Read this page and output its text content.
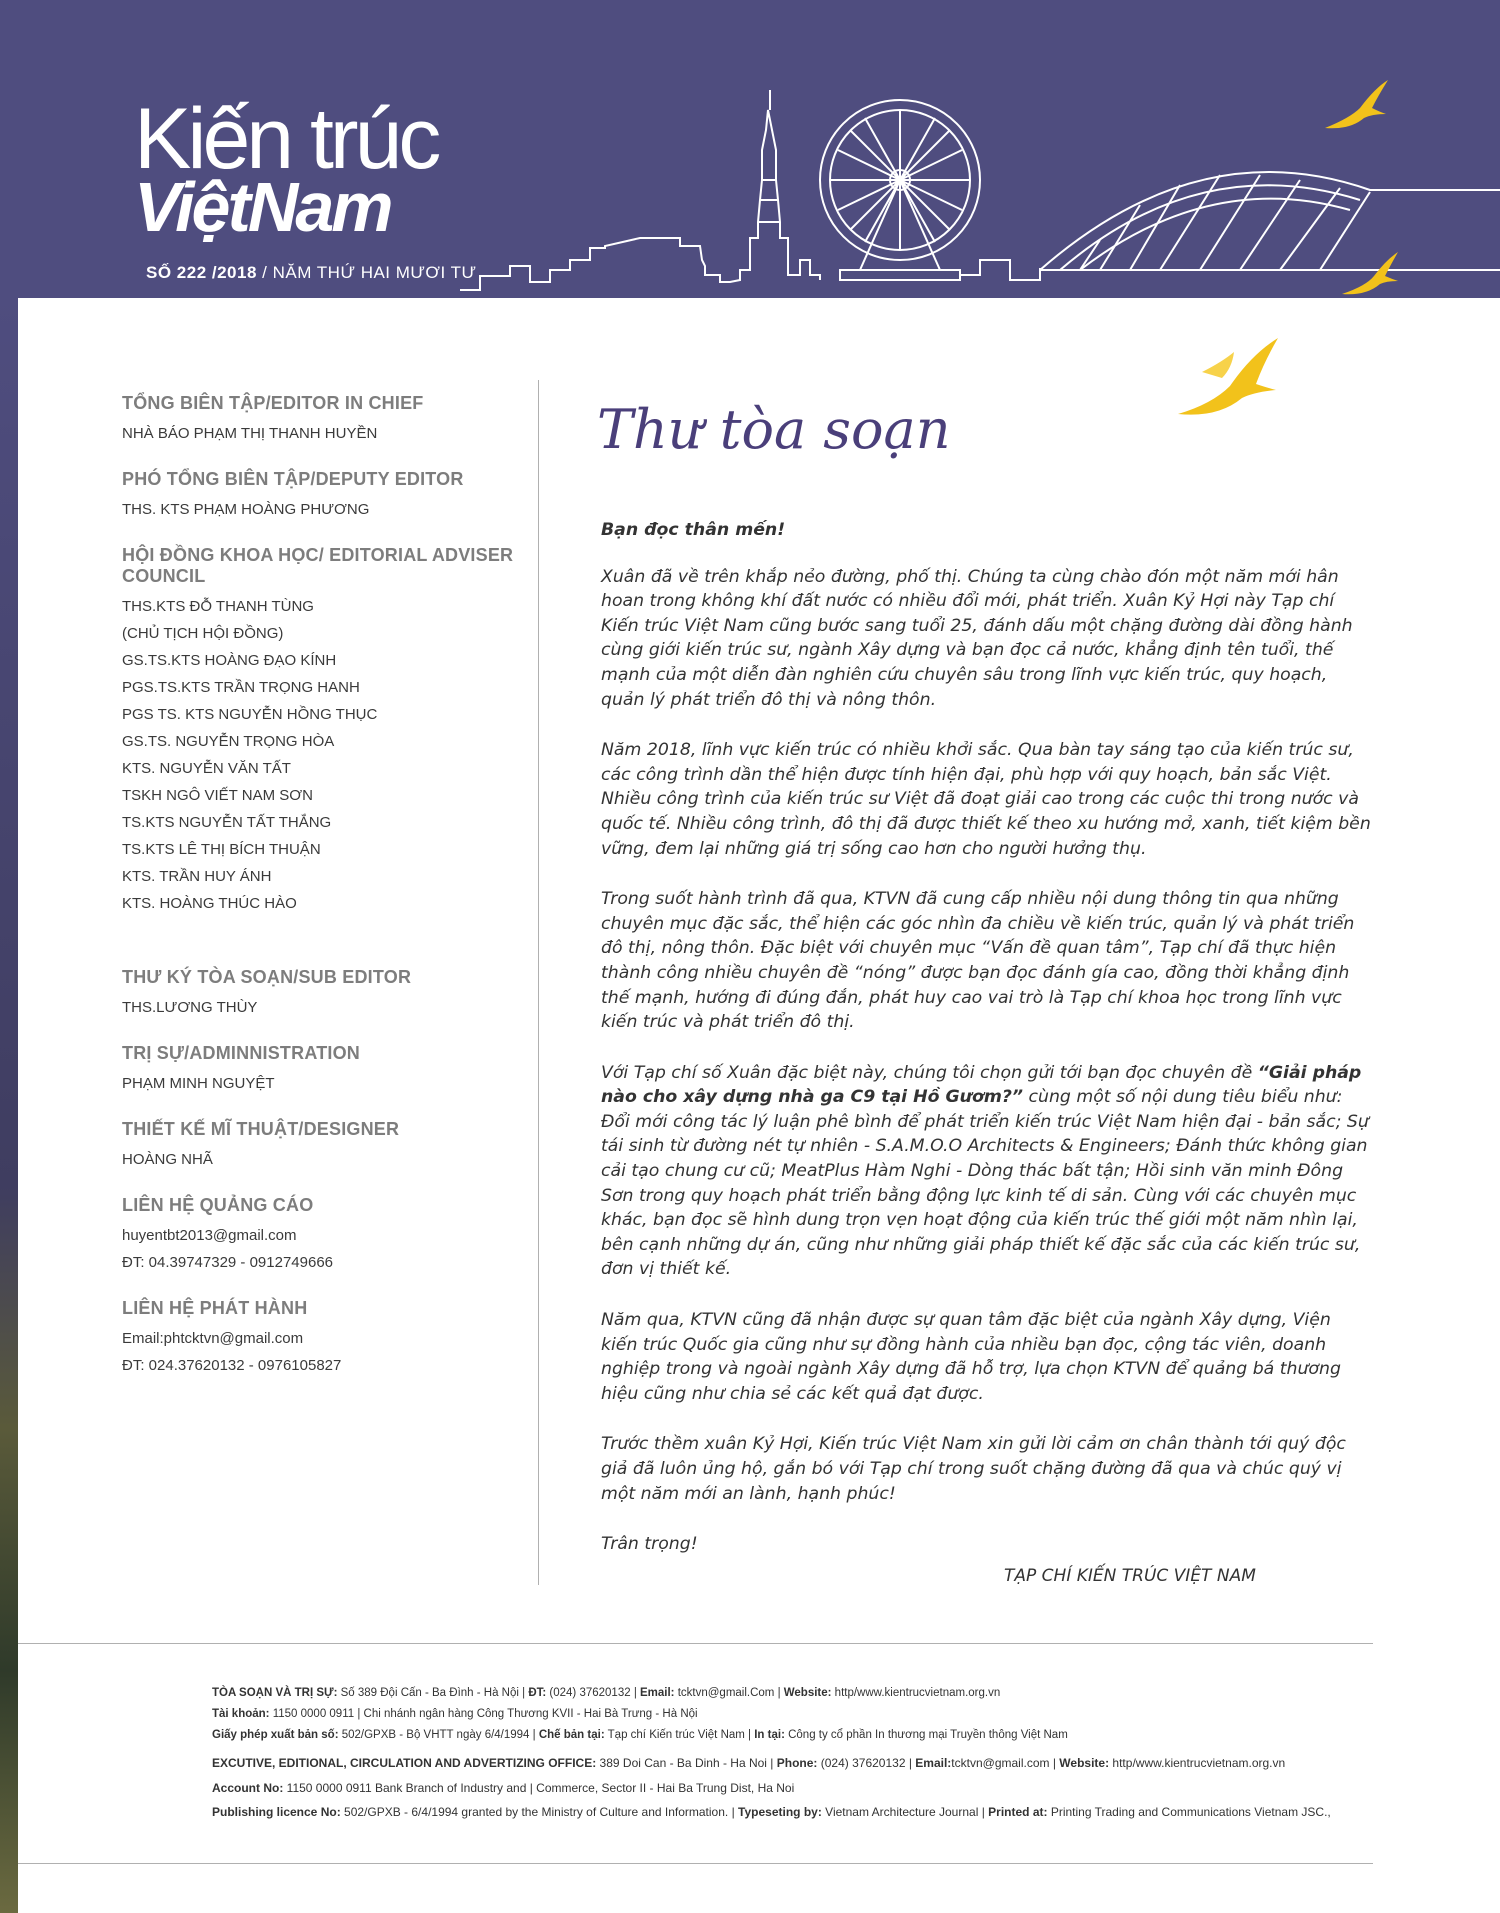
Kiến trúc
ViệtNam
SỐ 222 /2018 / NĂM THỨ HAI MƯƠI TƯ
TỔNG BIÊN TẬP/EDITOR IN CHIEF
NHÀ BÁO PHẠM THỊ THANH HUYỀN
PHÓ TỔNG BIÊN TẬP/DEPUTY EDITOR
THS. KTS PHẠM HOÀNG PHƯƠNG
HỘI ĐỒNG KHOA HỌC/ EDITORIAL ADVISER COUNCIL
THS.KTS ĐỖ THANH TÙNG
(CHỦ TỊCH HỘI ĐỒNG)
GS.TS.KTS HOÀNG ĐẠO KÍNH
PGS.TS.KTS TRẦN TRỌNG HANH
PGS TS. KTS NGUYỄN HỒNG THỤC
GS.TS. NGUYỄN TRỌNG HÒA
KTS. NGUYỄN VĂN TẤT
TSKH NGÔ VIẾT NAM SƠN
TS.KTS NGUYỄN TẤT THẮNG
TS.KTS LÊ THỊ BÍCH THUẬN
KTS. TRẦN HUY ÁNH
KTS. HOÀNG THÚC HÀO
THƯ KÝ TÒA SOẠN/SUB EDITOR
THS.LƯƠNG THÙY
TRỊ SỰ/ADMINNISTRATION
PHẠM MINH NGUYỆT
THIẾT KẾ MĨ THUẬT/DESIGNER
HOÀNG NHÃ
LIÊN HỆ QUẢNG CÁO
huyentbt2013@gmail.com
ĐT: 04.39747329 - 0912749666
LIÊN HỆ PHÁT HÀNH
Email:phtcktvn@gmail.com
ĐT: 024.37620132 - 0976105827
Thư tòa soạn

Bạn đọc thân mến!

Xuân đã về trên khắp nẻo đường, phố thị. Chúng ta cùng chào đón một năm mới hân hoan trong không khí đất nước có nhiều đổi mới, phát triển. Xuân Kỷ Hợi này Tạp chí Kiến trúc Việt Nam cũng bước sang tuổi 25, đánh dấu một chặng đường dài đồng hành cùng giới kiến trúc sư, ngành Xây dựng và bạn đọc cả nước, khẳng định tên tuổi, thế mạnh của một diễn đàn nghiên cứu chuyên sâu trong lĩnh vực kiến trúc, quy hoạch, quản lý phát triển đô thị và nông thôn.

Năm 2018, lĩnh vực kiến trúc có nhiều khởi sắc. Qua bàn tay sáng tạo của kiến trúc sư, các công trình dần thể hiện được tính hiện đại, phù hợp với quy hoạch, bản sắc Việt. Nhiều công trình của kiến trúc sư Việt đã đoạt giải cao trong các cuộc thi trong nước và quốc tế. Nhiều công trình, đô thị đã được thiết kế theo xu hướng mở, xanh, tiết kiệm bền vững, đem lại những giá trị sống cao hơn cho người hưởng thụ.

Trong suốt hành trình đã qua, KTVN đã cung cấp nhiều nội dung thông tin qua những chuyên mục đặc sắc, thể hiện các góc nhìn đa chiều về kiến trúc, quản lý và phát triển đô thị, nông thôn. Đặc biệt với chuyên mục “Vấn đề quan tâm”, Tạp chí đã thực hiện thành công nhiều chuyên đề “nóng” được bạn đọc đánh gía cao, đồng thời khẳng định thế mạnh, hướng đi đúng đắn, phát huy cao vai trò là Tạp chí khoa học trong lĩnh vực kiến trúc và phát triển đô thị.

Với Tạp chí số Xuân đặc biệt này, chúng tôi chọn gửi tới bạn đọc chuyên đề “Giải pháp nào cho xây dựng nhà ga C9 tại Hồ Gươm?” cùng một số nội dung tiêu biểu như: Đổi mới công tác lý luận phê bình để phát triển kiến trúc Việt Nam hiện đại - bản sắc; Sự tái sinh từ đường nét tự nhiên - S.A.M.O.O Architects & Engineers; Đánh thức không gian cải tạo chung cư cũ; MeatPlus Hàm Nghi - Dòng thác bất tận; Hồi sinh văn minh Đông Sơn trong quy hoạch phát triển bằng động lực kinh tế di sản. Cùng với các chuyên mục khác, bạn đọc sẽ hình dung trọn vẹn hoạt động của kiến trúc thế giới một năm nhìn lại, bên cạnh những dự án, cũng như những giải pháp thiết kế đặc sắc của các kiến trúc sư, đơn vị thiết kế.

Năm qua, KTVN cũng đã nhận được sự quan tâm đặc biệt của ngành Xây dựng, Viện kiến trúc Quốc gia cũng như sự đồng hành của nhiều bạn đọc, cộng tác viên, doanh nghiệp trong và ngoài ngành Xây dựng đã hỗ trợ, lựa chọn KTVN để quảng bá thương hiệu cũng như chia sẻ các kết quả đạt được.

Trước thềm xuân Kỷ Hợi, Kiến trúc Việt Nam xin gửi lời cảm ơn chân thành tới quý độc giả đã luôn ủng hộ, gắn bó với Tạp chí trong suốt chặng đường đã qua và chúc quý vị một năm mới an lành, hạnh phúc!

Trân trọng!

TẠP CHÍ KIẾN TRÚC VIỆT NAM
TÒA SOẠN VÀ TRỊ SỰ: Số 389 Đội Cấn - Ba Đình - Hà Nội | ĐT: (024) 37620132 | Email: tcktvn@gmail.Com | Website: http/www.kientrucvietnam.org.vn
Tài khoản: 1150 0000 0911 | Chi nhánh ngân hàng Công Thương KVII - Hai Bà Trưng - Hà Nội
Giấy phép xuất bản số: 502/GPXB - Bộ VHTT ngày 6/4/1994 | Chế bản tại: Tạp chí Kiến trúc Việt Nam | In tại: Công ty cổ phần In thương mại Truyền thông Việt Nam
EXCUTIVE, EDITIONAL, CIRCULATION AND ADVERTIZING OFFICE: 389 Doi Can - Ba Dinh - Ha Noi | Phone: (024) 37620132 | Email:tcktvn@gmail.com | Website: http/www.kientrucvietnam.org.vn
Account No: 1150 0000 0911 Bank Branch of Industry and | Commerce, Sector II - Hai Ba Trung Dist, Ha Noi
Publishing licence No: 502/GPXB - 6/4/1994 granted by the Ministry of Culture and Information. | Typeseting by: Vietnam Architecture Journal | Printed at: Printing Trading and Communications Vietnam JSC.,
